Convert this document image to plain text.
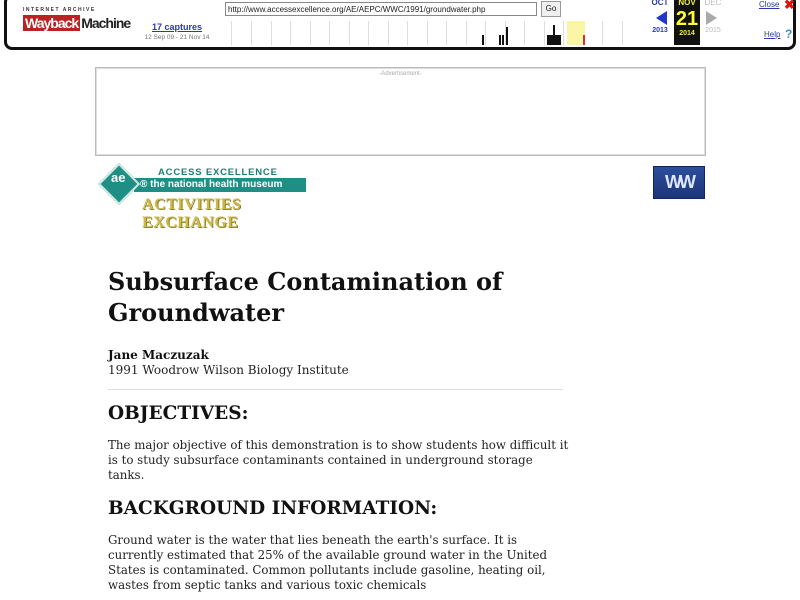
INTERNET ARCHIVE
Wayback Machine	17 captures
12 Sep 09 - 21 Nov 14
http://www.accessexcellence.org/AE/AEPC/WWC/1991/groundwater.php
Go
OCT
2013
NOV
21
2014
DEC
2015
Close ✖
Help ?
-Advertisement-
® the national health museum
ae	ACCESS EXCELLENCE
ACTIVITIES EXCHANGE
WW
Subsurface Contamination of Groundwater
Jane Maczuzak
1991 Woodrow Wilson Biology Institute
OBJECTIVES:

The major objective of this demonstration is to show students how difficult it is to study subsurface contaminants contained in underground storage tanks.

BACKGROUND INFORMATION:

Ground water is the water that lies beneath the earth's surface. It is currently estimated that 25% of the available ground water in the United States is contaminated. Common pollutants include gasoline, heating oil, wastes from septic tanks and various toxic chemicals
